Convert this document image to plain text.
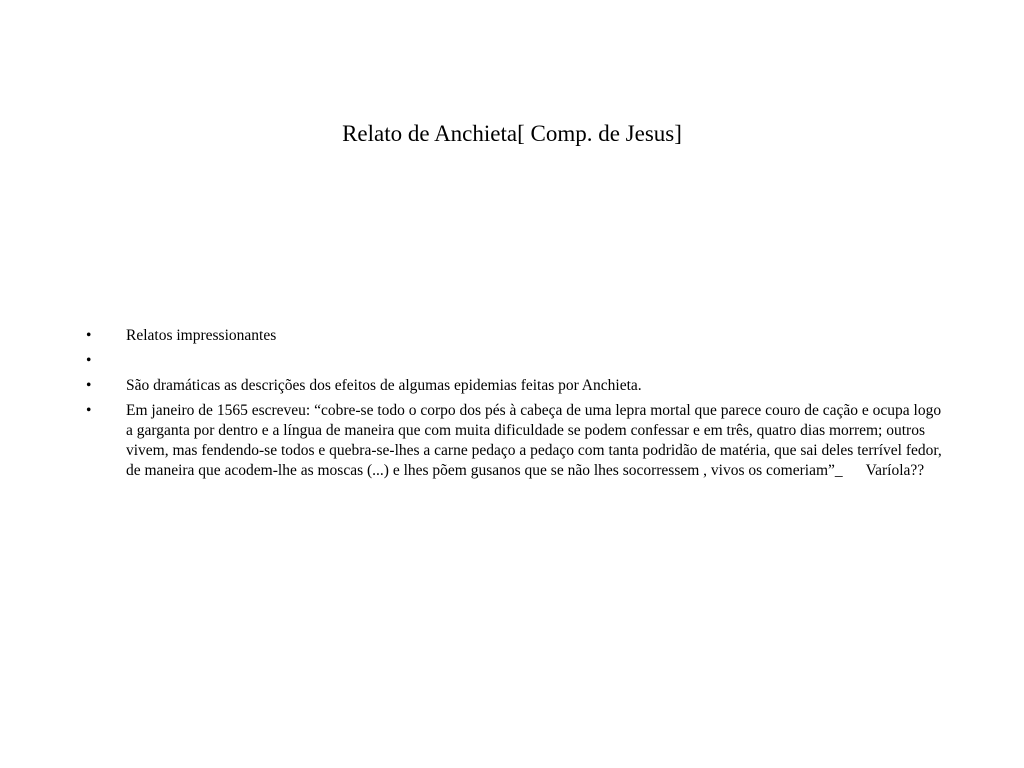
Relato de Anchieta[ Comp. de Jesus]
•	Relatos impressionantes
•
•	São dramáticas as descrições dos efeitos de algumas epidemias feitas por Anchieta.
•	Em janeiro de 1565 escreveu: “cobre-se todo o corpo dos pés à cabeça de uma lepra mortal que parece couro de cação e ocupa logo a garganta por dentro e a língua de maneira que com muita dificuldade se podem confessar e em três, quatro dias morrem; outros vivem, mas fendendo-se todos e quebra-se-lhes a carne pedaço a pedaço com tanta podridão de matéria, que sai deles terrível fedor, de maneira que acodem-lhe as moscas (...) e lhes põem gusanos que se não lhes socorressem , vivos os comeriam”_      Varíola??
